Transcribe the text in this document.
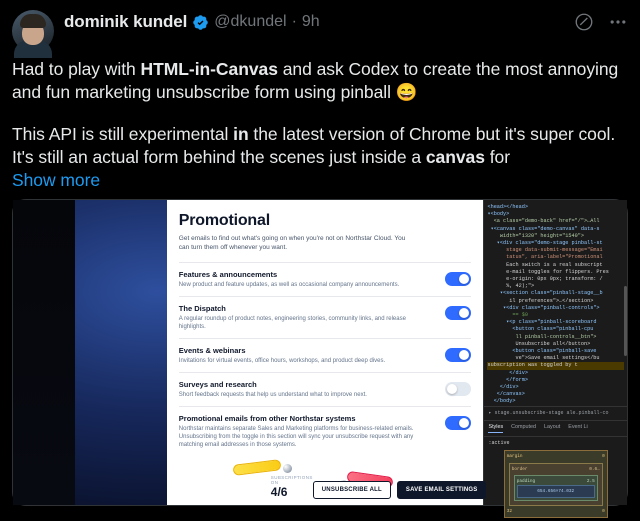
dominik kundel @dkundel · 9h

Had to play with HTML-in-Canvas and ask Codex to create the most annoying and fun marketing unsubscribe form using pinball 😄

This API is still experimental in the latest version of Chrome but it's super cool. It's still an actual form behind the scenes just inside a canvas for

Show more
Promotional
Get emails to find out what's going on when you're not on Northstar Cloud. You can turn them off whenever you want.
Features & announcements
New product and feature updates, as well as occasional company announcements.
The Dispatch
A regular roundup of product notes, engineering stories, community links, and release highlights.
Events & webinars
Invitations for virtual events, office hours, workshops, and product deep dives.
Surveys and research
Short feedback requests that help us understand what to improve next.
Promotional emails from other Northstar systems
Northstar maintains separate Sales and Marketing platforms for business-related emails. Unsubscribing from the toggle in this section will sync your unsubscribe request with any matching email addresses in those systems.
SUBSCRIPTIONS ON
4/6	UNSUBSCRIBE ALL	SAVE EMAIL SETTINGS
<head></head>
▾<body>
<a class="demo-back" href="/">←All
▾<canvas class="demo-canvas" data-s
width="1320" height="1540">
▾<div class="demo-stage pinball-st
stage data-submit-message="Emai
tatus", aria-label="Promotional
Each switch is a real subscript
e-mail toggles for flippers. Pres
e-origin: 0px 0px; transform: /
%, 42);">
▾<section class="pinball-stage__b
il preferences">…</section>
▾<div class="pinball-controls">
== $0
▾<p class="pinball-scoreboard
<button class="pinball-cpu
ll pinball-controls__btn">
Unsubscribe all</button>
<button class="pinball-save
ve">Save email settings</bu
subscription was toggled by t
</div>
</form>
</div>
</canvas>
</body>
▸ stage.unsubscribe-stage ale.pinball-co
Styles Computed Layout Event Li
:active
margin	0
border	0.6…
padding	2.5
654.656×74.032
32	0
